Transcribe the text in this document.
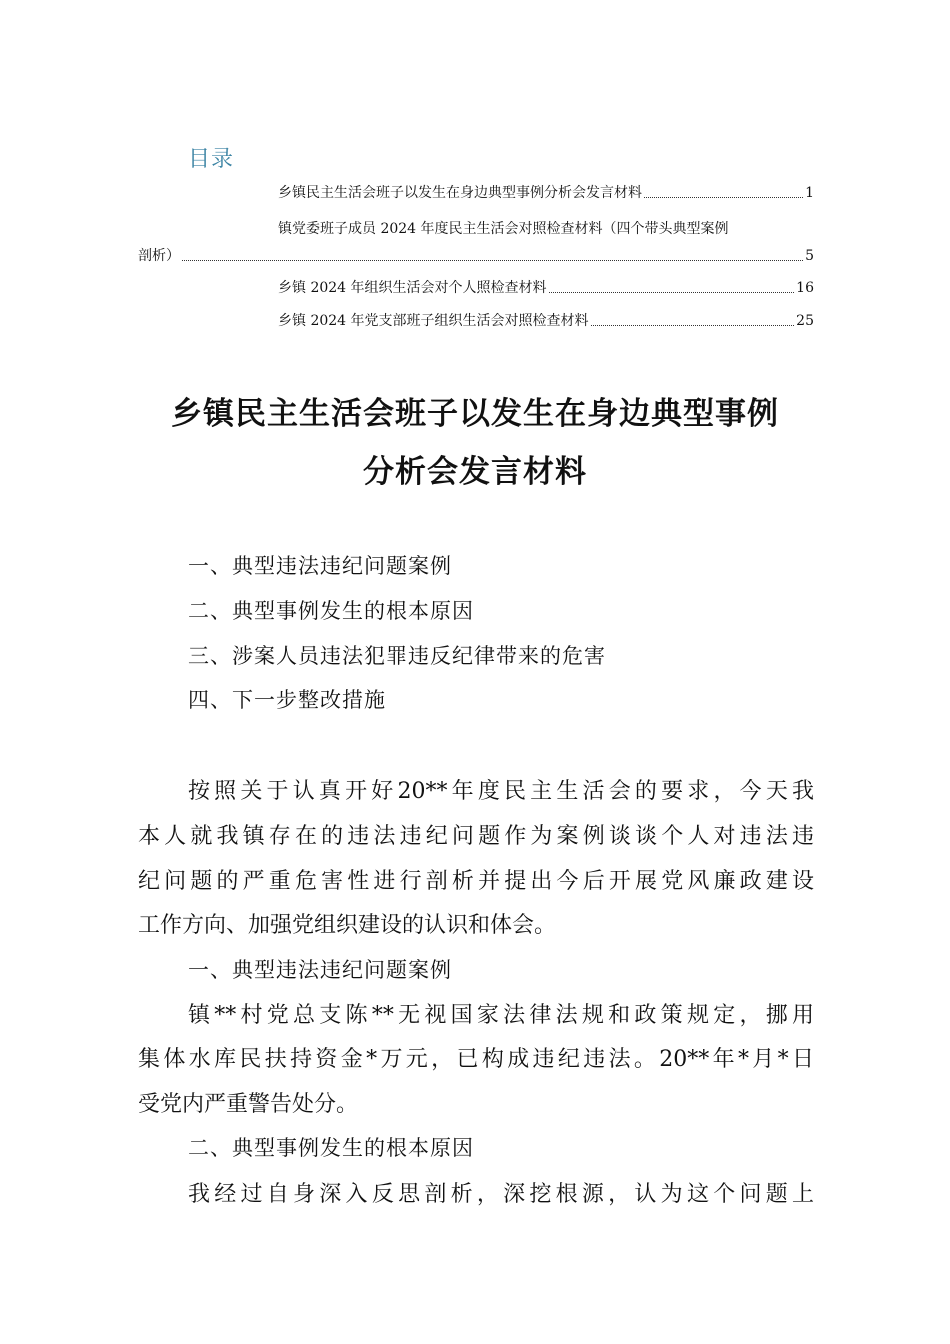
目录
乡镇民主生活会班子以发生在身边典型事例分析会发言材料	1
镇党委班子成员 2024 年度民主生活会对照检查材料（四个带头典型案例
剖析）	5
乡镇 2024 年组织生活会对个人照检查材料	16
乡镇 2024 年党支部班子组织生活会对照检查材料	25
乡镇民主生活会班子以发生在身边典型事例
分析会发言材料
一、典型违法违纪问题案例
二、典型事例发生的根本原因
三、涉案人员违法犯罪违反纪律带来的危害
四、下一步整改措施
按照关于认真开好20**年度民主生活会的要求，今天我
本人就我镇存在的违法违纪问题作为案例谈谈个人对违法违
纪问题的严重危害性进行剖析并提出今后开展党风廉政建设
工作方向、加强党组织建设的认识和体会。
一、典型违法违纪问题案例
镇**村党总支陈**无视国家法律法规和政策规定，挪用
集体水库民扶持资金*万元，已构成违纪违法。20**年*月*日
受党内严重警告处分。
二、典型事例发生的根本原因
我经过自身深入反思剖析，深挖根源，认为这个问题上
